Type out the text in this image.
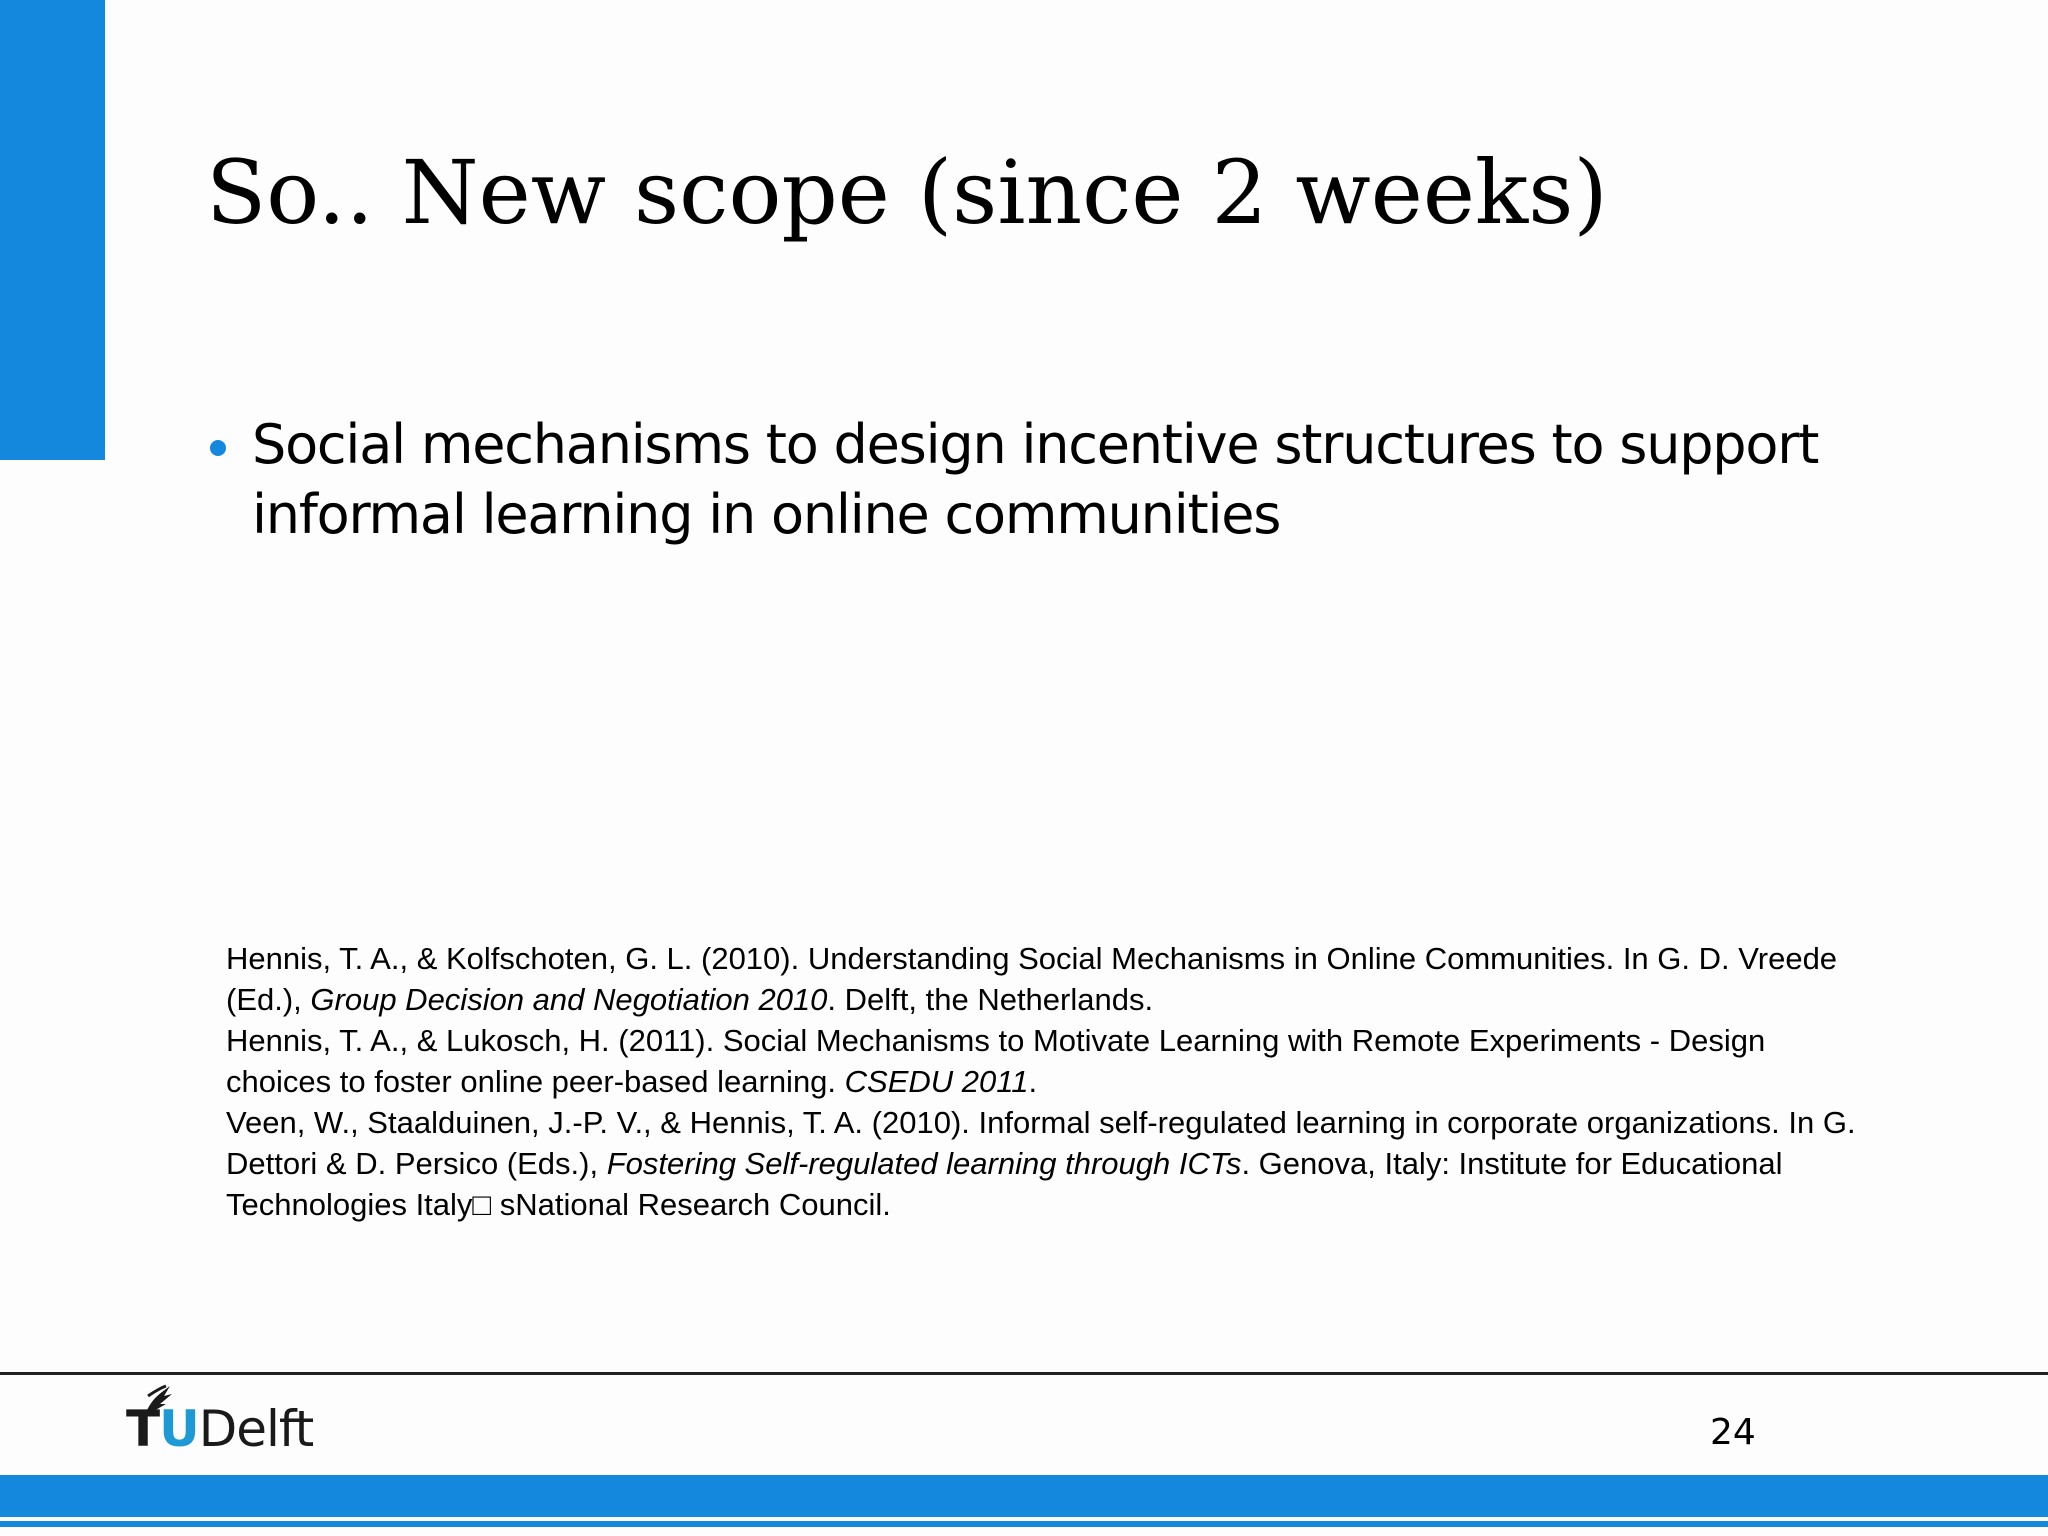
So.. New scope (since 2 weeks)
Social mechanisms to design incentive structures to support informal learning in online communities

Hennis, T. A., & Kolfschoten, G. L. (2010). Understanding Social Mechanisms in Online Communities. In G. D. Vreede (Ed.), Group Decision and Negotiation 2010. Delft, the Netherlands.

Hennis, T. A., & Lukosch, H. (2011). Social Mechanisms to Motivate Learning with Remote Experiments - Design choices to foster online peer-based learning. CSEDU 2011.

Veen, W., Staalduinen, J.-P. V., & Hennis, T. A. (2010). Informal self-regulated learning in corporate organizations. In G. Dettori & D. Persico (Eds.), Fostering Self-regulated learning through ICTs. Genova, Italy: Institute for Educational Technologies Italy□ sNational Research Council.

TUDelft	24
